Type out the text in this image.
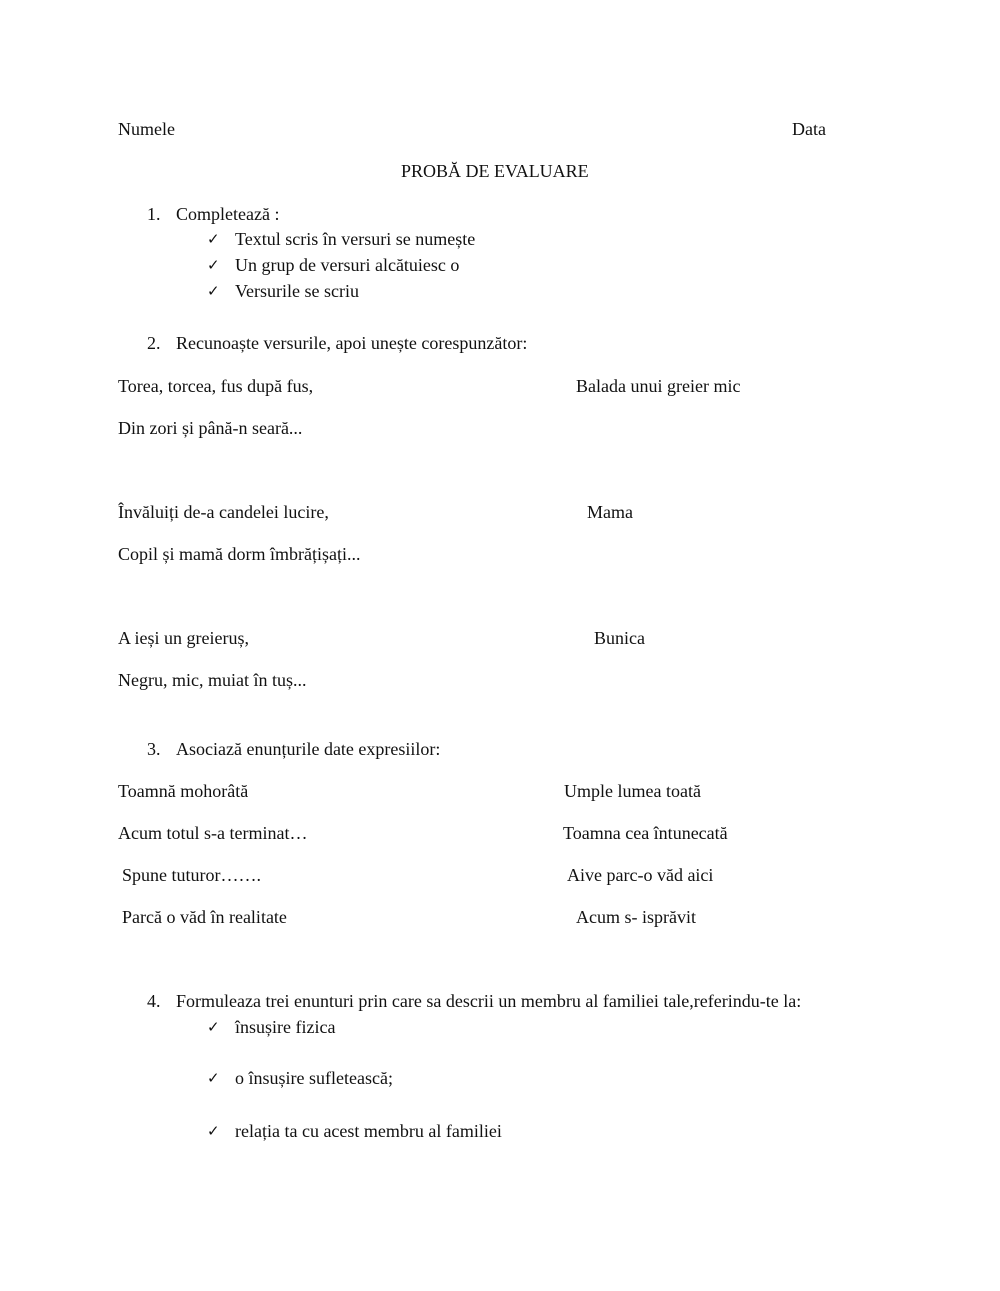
Numele	Data
PROBĂ DE EVALUARE
1. Completează :
✓ Textul scris în versuri se numește
✓ Un grup de versuri alcătuiesc o
✓ Versurile se scriu
2. Recunoaște versurile, apoi unește corespunzător:
Torea, torcea, fus după fus,
Din zori și până-n seară...
Balada unui greier mic
Învăluiți de-a candelei lucire,
Copil și mamă dorm îmbrățișați...
Mama
A ieși un greieruș,
Negru, mic, muiat în tuș...
Bunica
3. Asociază enunțurile date expresiilor:
Toamnă mohorâtă
Acum totul s-a terminat…
Spune tuturor…….
Parcă o văd în realitate
Umple lumea toată
Toamna cea întunecată
Aive parc-o văd aici
Acum s- isprăvit
4. Formuleaza trei enunturi prin care sa descrii un membru al familiei tale,referindu-te la:
✓ însușire fizica
✓ o însușire sufletească;
✓ relația ta cu acest membru al familiei
